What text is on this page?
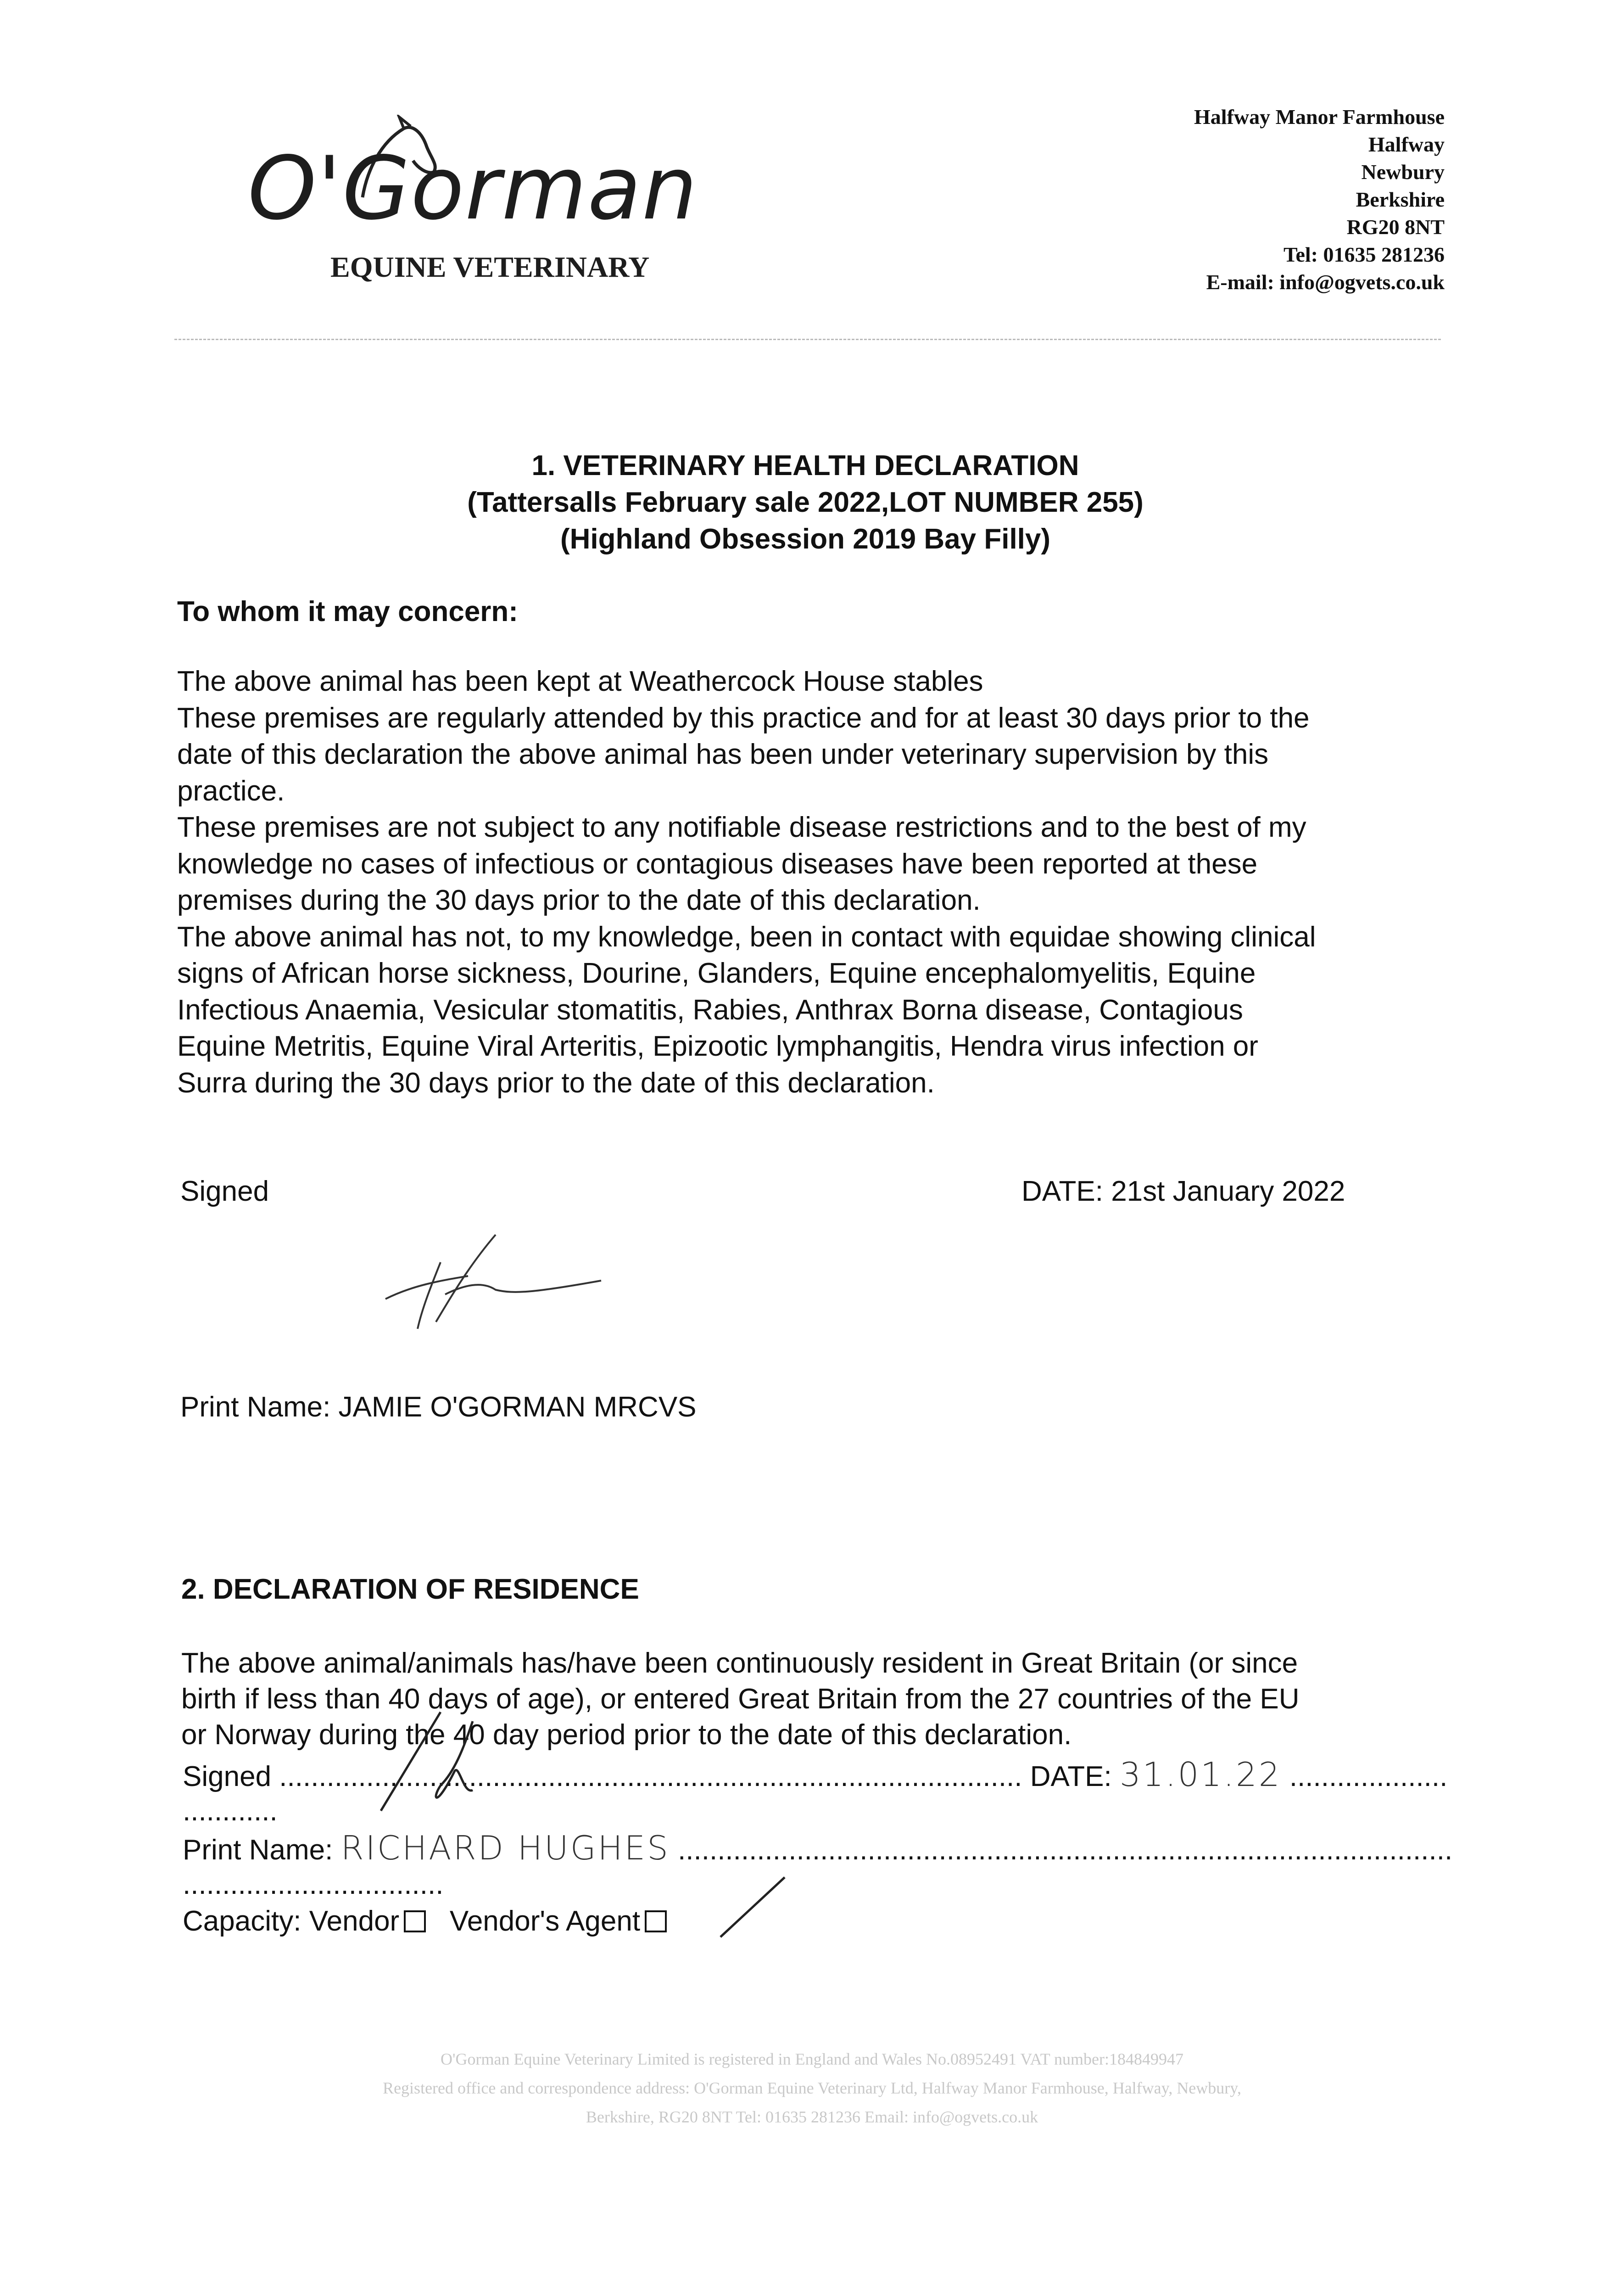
O'Gorman
EQUINE VETERINARY
Halfway Manor Farmhouse
Halfway
Newbury
Berkshire
RG20 8NT
Tel: 01635 281236
E-mail: info@ogvets.co.uk
1. VETERINARY HEALTH DECLARATION
(Tattersalls February sale 2022,LOT NUMBER 255)
(Highland Obsession 2019 Bay Filly)
To whom it may concern:
The above animal has been kept at Weathercock House stables
These premises are regularly attended by this practice and for at least 30 days prior to the
date of this declaration the above animal has been under veterinary supervision by this
practice.
These premises are not subject to any notifiable disease restrictions and to the best of my
knowledge no cases of infectious or contagious diseases have been reported at these
premises during the 30 days prior to the date of this declaration.
The above animal has not, to my knowledge, been in contact with equidae showing clinical
signs of African horse sickness, Dourine, Glanders, Equine encephalomyelitis, Equine
Infectious Anaemia, Vesicular stomatitis, Rabies, Anthrax Borna disease, Contagious
Equine Metritis, Equine Viral Arteritis, Epizootic lymphangitis, Hendra virus infection or
Surra during the 30 days prior to the date of this declaration.
Signed	DATE: 21st January 2022
Print Name: JAMIE O'GORMAN MRCVS
2. DECLARATION OF RESIDENCE
The above animal/animals has/have been continuously resident in Great Britain (or since
birth if less than 40 days of age), or entered Great Britain from the 27 countries of the EU
or Norway during the 40 day period prior to the date of this declaration.
Signed .............................................................................................. DATE: 31.01.22 ....................
............
Print Name: RICHARD HUGHES ..................................................................................................
.................................
Capacity: Vendor Vendor's Agent
O'Gorman Equine Veterinary Limited is registered in England and Wales No.08952491 VAT number:184849947
Registered office and correspondence address: O'Gorman Equine Veterinary Ltd, Halfway Manor Farmhouse, Halfway, Newbury,
Berkshire, RG20 8NT Tel: 01635 281236 Email: info@ogvets.co.uk
